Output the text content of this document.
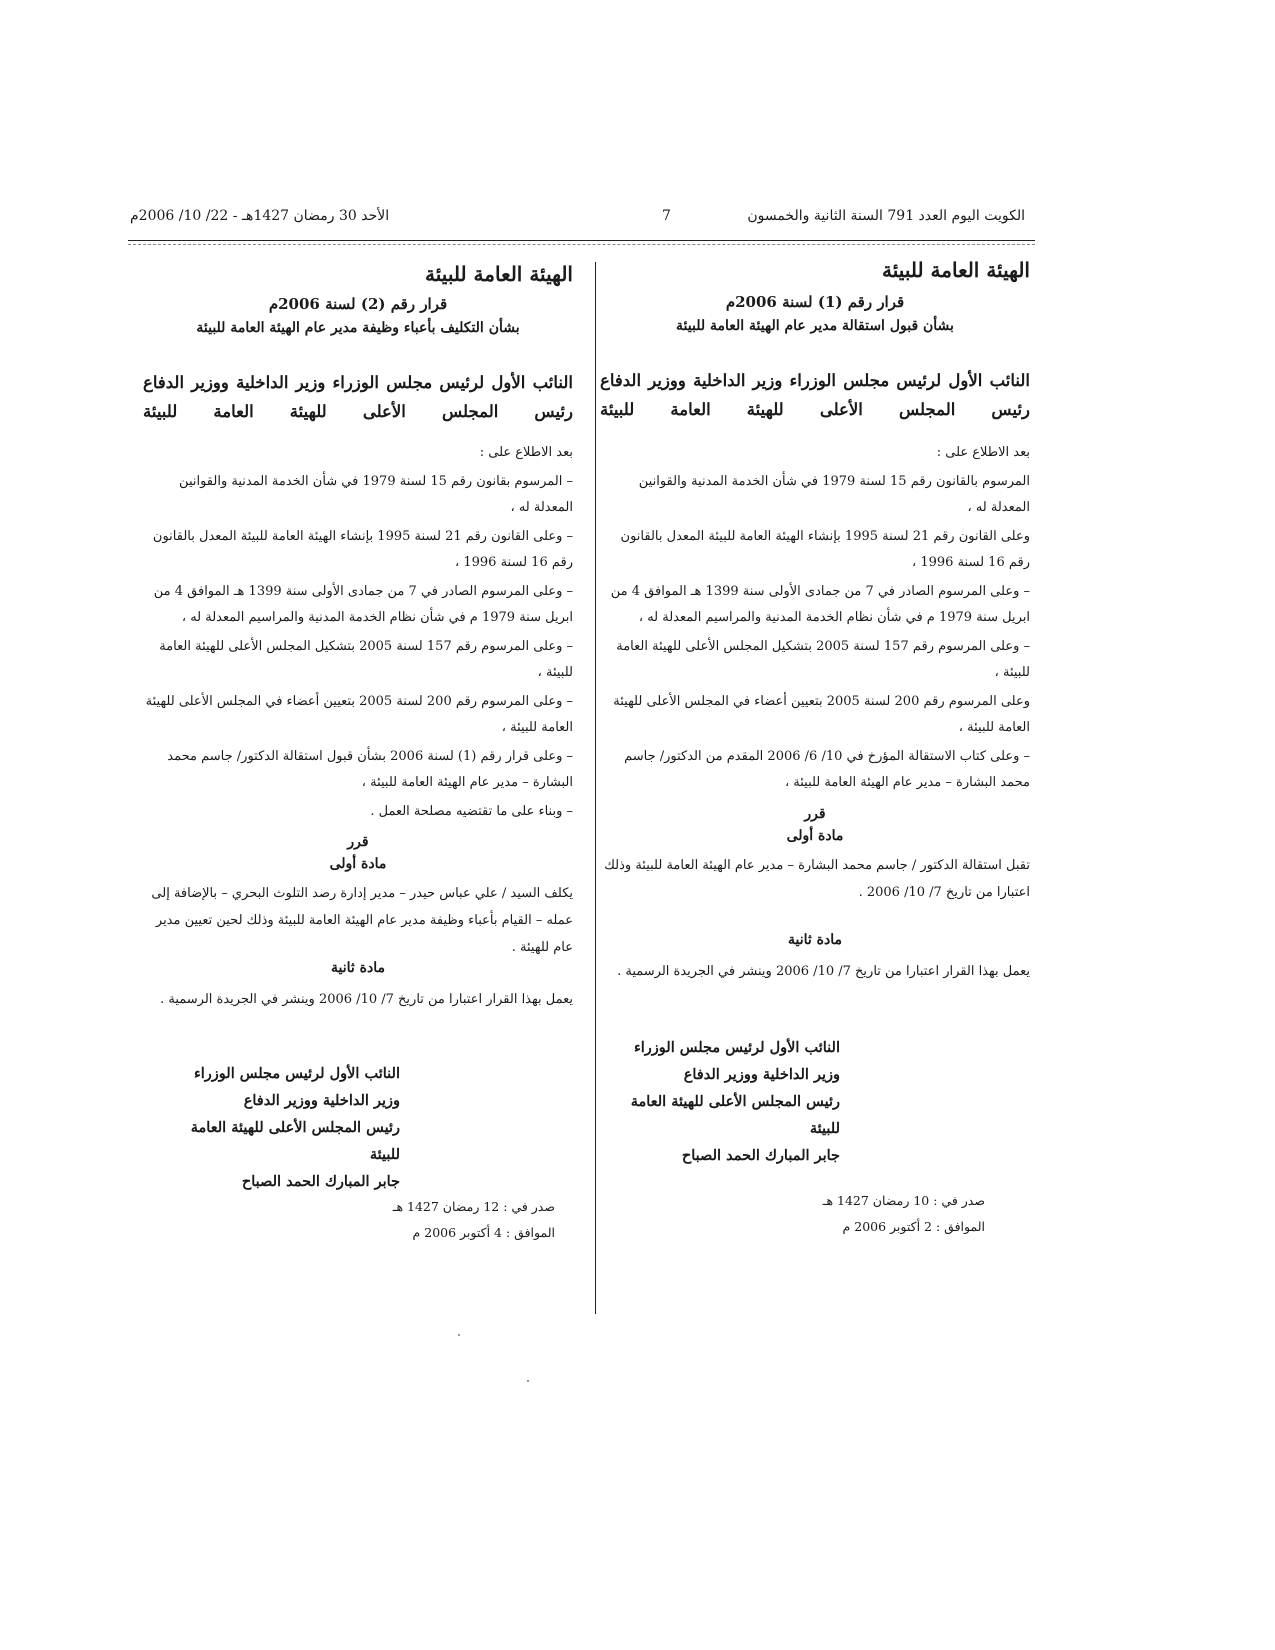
الكويت اليوم العدد 791 السنة الثانية والخمسون
7
الأحد 30 رمضان 1427هـ - 22/ 10/ 2006م
الهيئة العامة للبيئة
قرار رقم (1) لسنة 2006م
بشأن قبول استقالة مدير عام الهيئة العامة للبيئة
النائب الأول لرئيس مجلس الوزراء وزير الداخلية ووزير الدفاع رئيس المجلس الأعلى للهيئة العامة للبيئة

بعد الاطلاع على :

المرسوم بالقانون رقم 15 لسنة 1979 في شأن الخدمة المدنية والقوانين المعدلة له ،

وعلى القانون رقم 21 لسنة 1995 بإنشاء الهيئة العامة للبيئة المعدل بالقانون رقم 16 لسنة 1996 ،

– وعلى المرسوم الصادر في 7 من جمادى الأولى سنة 1399 هـ الموافق 4 من ابريل سنة 1979 م في شأن نظام الخدمة المدنية والمراسيم المعدلة له ،

– وعلى المرسوم رقم 157 لسنة 2005 بتشكيل المجلس الأعلى للهيئة العامة للبيئة ،

وعلى المرسوم رقم 200 لسنة 2005 بتعيين أعضاء في المجلس الأعلى للهيئة العامة للبيئة ،

– وعلى كتاب الاستقالة المؤرخ في 10/ 6/ 2006 المقدم من الدكتور/ جاسم محمد البشارة – مدير عام الهيئة العامة للبيئة ،

قرر
مادة أولى
تقبل استقالة الدكتور / جاسم محمد البشارة – مدير عام الهيئة العامة للبيئة وذلك اعتبارا من تاريخ 7/ 10/ 2006 .
مادة ثانية
يعمل بهذا القرار اعتبارا من تاريخ 7/ 10/ 2006 وينشر في الجريدة الرسمية .
النائب الأول لرئيس مجلس الوزراء
وزير الداخلية ووزير الدفاع
رئيس المجلس الأعلى للهيئة العامة للبيئة
جابر المبارك الحمد الصباح
صدر في : 10 رمضان 1427 هـ
الموافق : 2 أكتوبر 2006 م
الهيئة العامة للبيئة
قرار رقم (2) لسنة 2006م
بشأن التكليف بأعباء وظيفة مدير عام الهيئة العامة للبيئة
النائب الأول لرئيس مجلس الوزراء وزير الداخلية ووزير الدفاع رئيس المجلس الأعلى للهيئة العامة للبيئة

بعد الاطلاع على :

– المرسوم بقانون رقم 15 لسنة 1979 في شأن الخدمة المدنية والقوانين المعدلة له ،

– وعلى القانون رقم 21 لسنة 1995 بإنشاء الهيئة العامة للبيئة المعدل بالقانون رقم 16 لسنة 1996 ،

– وعلى المرسوم الصادر في 7 من جمادى الأولى سنة 1399 هـ الموافق 4 من ابريل سنة 1979 م في شأن نظام الخدمة المدنية والمراسيم المعدلة له ،

– وعلى المرسوم رقم 157 لسنة 2005 بتشكيل المجلس الأعلى للهيئة العامة للبيئة ،

– وعلى المرسوم رقم 200 لسنة 2005 بتعيين أعضاء في المجلس الأعلى للهيئة العامة للبيئة ،

– وعلى قرار رقم (1) لسنة 2006 بشأن قبول استقالة الدكتور/ جاسم محمد البشارة – مدير عام الهيئة العامة للبيئة ،

– وبناء على ما تقتضيه مصلحة العمل .

قرر
مادة أولى
يكلف السيد / علي عباس حيدر – مدير إدارة رصد التلوث البحري – بالإضافة إلى عمله – القيام بأعباء وظيفة مدير عام الهيئة العامة للبيئة وذلك لحين تعيين مدير عام للهيئة .
مادة ثانية
يعمل بهذا القرار اعتبارا من تاريخ 7/ 10/ 2006 وينشر في الجريدة الرسمية .
النائب الأول لرئيس مجلس الوزراء
وزير الداخلية ووزير الدفاع
رئيس المجلس الأعلى للهيئة العامة للبيئة
جابر المبارك الحمد الصباح
صدر في : 12 رمضان 1427 هـ
الموافق : 4 أكتوبر 2006 م
